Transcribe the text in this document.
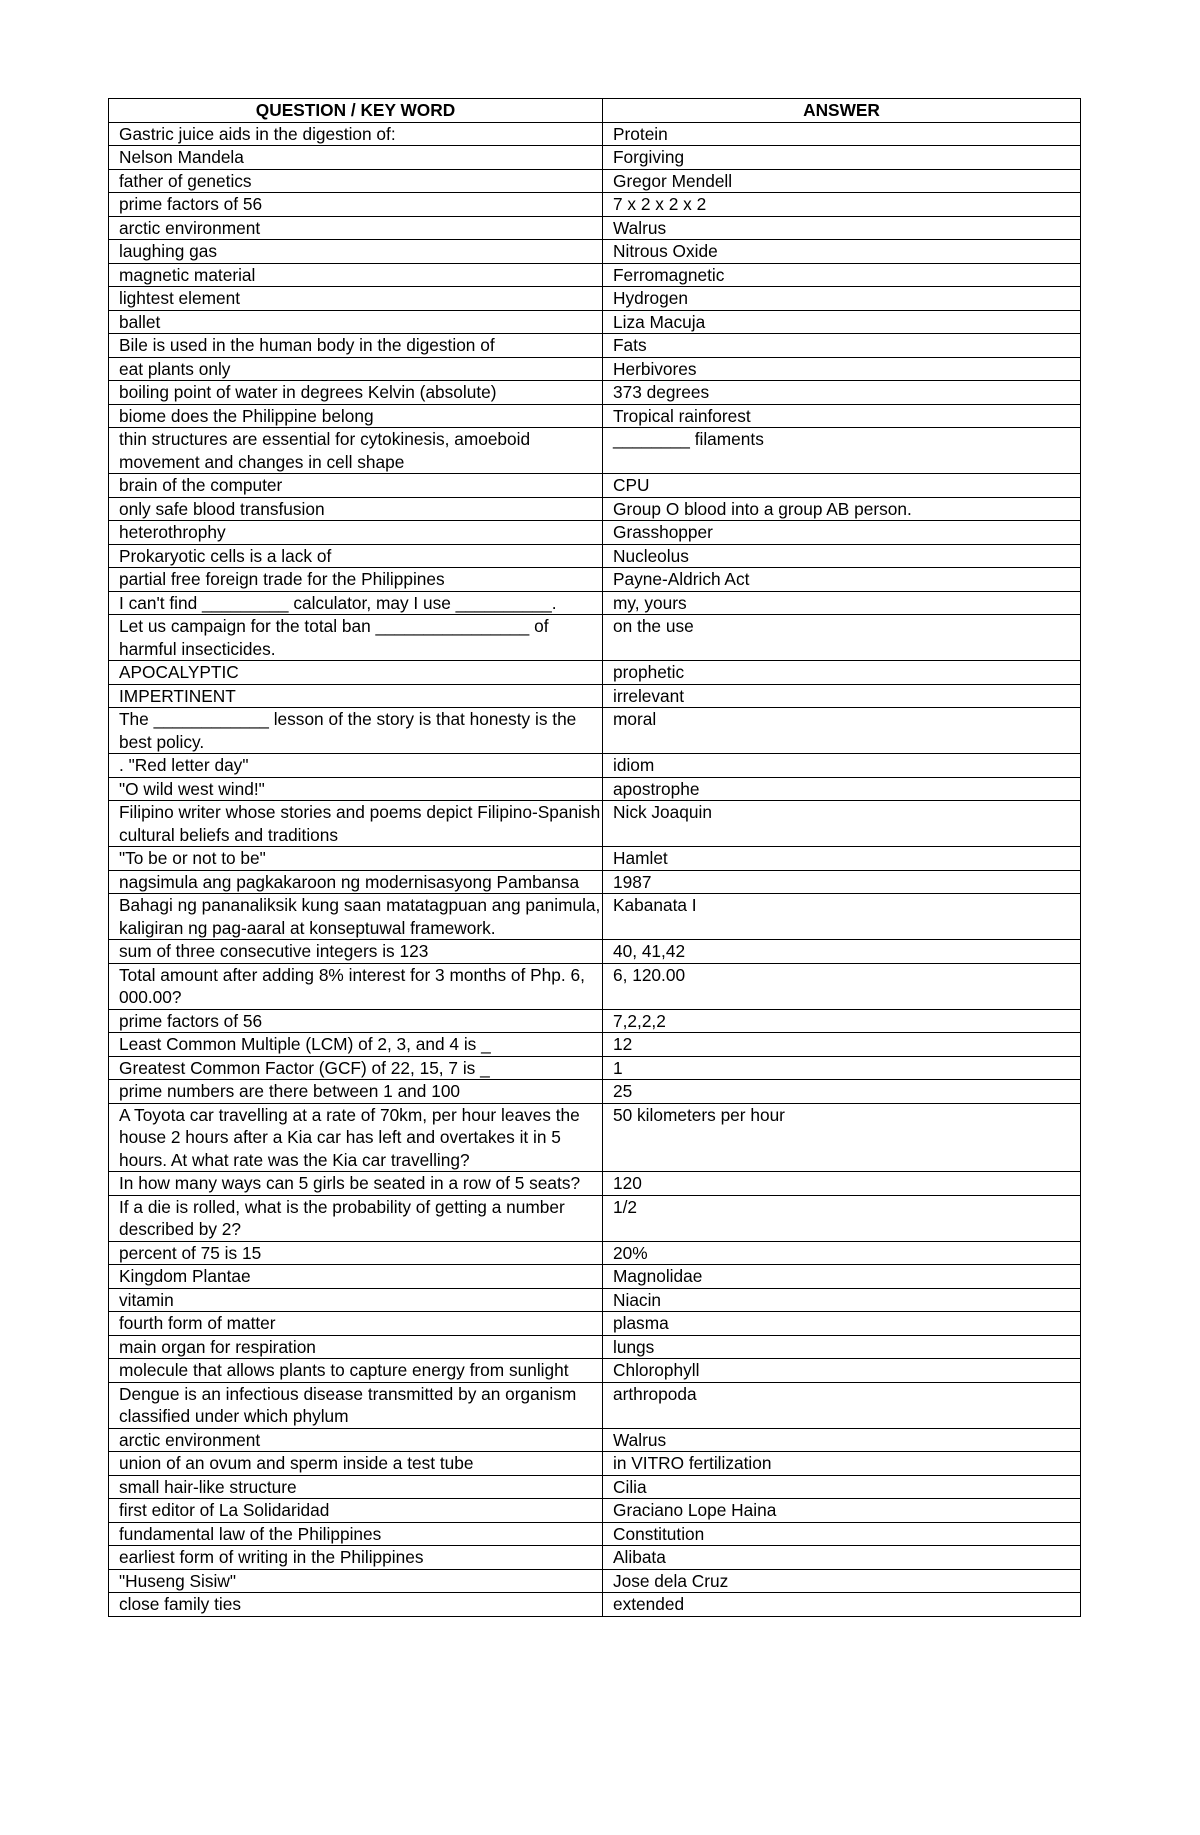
QUESTION / KEY WORD	ANSWER
Gastric juice aids in the digestion of:	Protein
Nelson Mandela	Forgiving
father of genetics	Gregor Mendell
prime factors of 56	7 x 2 x 2 x 2
arctic environment	Walrus
laughing gas	Nitrous Oxide
magnetic material	Ferromagnetic
lightest element	Hydrogen
ballet	Liza Macuja
Bile is used in the human body in the digestion of	Fats
eat plants only	Herbivores
boiling point of water in degrees Kelvin (absolute)	373 degrees
biome does the Philippine belong	Tropical rainforest
thin structures are essential for cytokinesis, amoeboid movement and changes in cell shape	________ filaments
brain of the computer	CPU
only safe blood transfusion	Group O blood into a group AB person.
heterothrophy	Grasshopper
Prokaryotic cells is a lack of	Nucleolus
partial free foreign trade for the Philippines	Payne-Aldrich Act
I can't find _________ calculator, may I use __________.	my, yours
Let us campaign for the total ban ________________ of harmful insecticides.	on the use
APOCALYPTIC	prophetic
IMPERTINENT	irrelevant
The ____________ lesson of the story is that honesty is the best policy.	moral
. "Red letter day"	idiom
"O wild west wind!"	apostrophe
Filipino writer whose stories and poems depict Filipino-Spanish cultural beliefs and traditions	Nick Joaquin
"To be or not to be"	Hamlet
nagsimula ang pagkakaroon ng modernisasyong Pambansa	1987
Bahagi ng pananaliksik kung saan matatagpuan ang panimula, kaligiran ng pag-aaral at konseptuwal framework.	Kabanata I
sum of three consecutive integers is 123	40, 41,42
Total amount after adding 8% interest for 3 months of Php. 6, 000.00?	6, 120.00
prime factors of 56	7,2,2,2
Least Common Multiple (LCM) of 2, 3, and 4 is _	12
Greatest Common Factor (GCF) of 22, 15, 7 is _	1
prime numbers are there between 1 and 100	25
A Toyota car travelling at a rate of 70km, per hour leaves the house 2 hours after a Kia car has left and overtakes it in 5 hours. At what rate was the Kia car travelling?	50 kilometers per hour
In how many ways can 5 girls be seated in a row of 5 seats?	120
If a die is rolled, what is the probability of getting a number described by 2?	1/2
percent of 75 is 15	20%
Kingdom Plantae	Magnolidae
vitamin	Niacin
fourth form of matter	plasma
main organ for respiration	lungs
molecule that allows plants to capture energy from sunlight	Chlorophyll
Dengue is an infectious disease transmitted by an organism classified under which phylum	arthropoda
arctic environment	Walrus
union of an ovum and sperm inside a test tube	in VITRO fertilization
small hair-like structure	Cilia
first editor of La Solidaridad	Graciano Lope Haina
fundamental law of the Philippines	Constitution
earliest form of writing in the Philippines	Alibata
"Huseng Sisiw"	Jose dela Cruz
close family ties	extended
